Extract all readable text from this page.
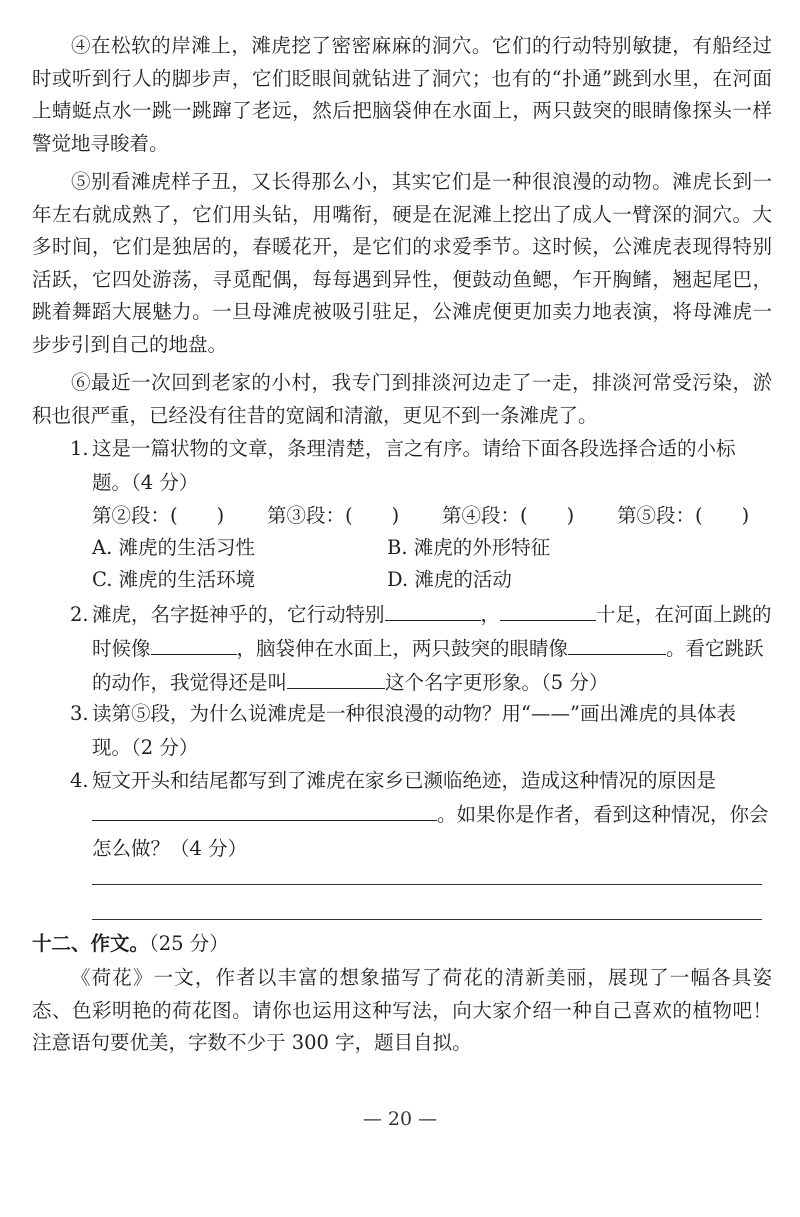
④在松软的岸滩上，滩虎挖了密密麻麻的洞穴。它们的行动特别敏捷，有船经过时或听到行人的脚步声，它们眨眼间就钻进了洞穴；也有的“扑通”跳到水里，在河面上蜻蜓点水一跳一跳蹿了老远，然后把脑袋伸在水面上，两只鼓突的眼睛像探头一样警觉地寻睃着。

⑤别看滩虎样子丑，又长得那么小，其实它们是一种很浪漫的动物。滩虎长到一年左右就成熟了，它们用头钻，用嘴衔，硬是在泥滩上挖出了成人一臂深的洞穴。大多时间，它们是独居的，春暖花开，是它们的求爱季节。这时候，公滩虎表现得特别活跃，它四处游荡，寻觅配偶，每每遇到异性，便鼓动鱼鳃，乍开胸鳍，翘起尾巴，跳着舞蹈大展魅力。一旦母滩虎被吸引驻足，公滩虎便更加卖力地表演，将母滩虎一步步引到自己的地盘。

⑥最近一次回到老家的小村，我专门到排淡河边走了一走，排淡河常受污染，淤积也很严重，已经没有往昔的宽阔和清澈，更见不到一条滩虎了。

1. 这是一篇状物的文章，条理清楚，言之有序。请给下面各段选择合适的小标题。（4 分）
第②段：(　　)	第③段：(　　)	第④段：(　　)	第⑤段：(　　)
A. 滩虎的生活习性	B. 滩虎的外形特征
C. 滩虎的生活环境	D. 滩虎的活动
2. 滩虎，名字挺神乎的，它行动特别	，	十足，在河面上跳的时候像	，脑袋伸在水面上，两只鼓突的眼睛像	。看它跳跃的动作，我觉得还是叫	这个名字更形象。（5 分）
3. 读第⑤段，为什么说滩虎是一种很浪漫的动物？用“——”画出滩虎的具体表现。（2 分）
4. 短文开头和结尾都写到了滩虎在家乡已濒临绝迹，造成这种情况的原因是。如果你是作者，看到这种情况，你会怎么做？（4 分）
十二、作文。（25 分）

《荷花》一文，作者以丰富的想象描写了荷花的清新美丽，展现了一幅各具姿态、色彩明艳的荷花图。请你也运用这种写法，向大家介绍一种自己喜欢的植物吧！注意语句要优美，字数不少于 300 字，题目自拟。

— 20 —
